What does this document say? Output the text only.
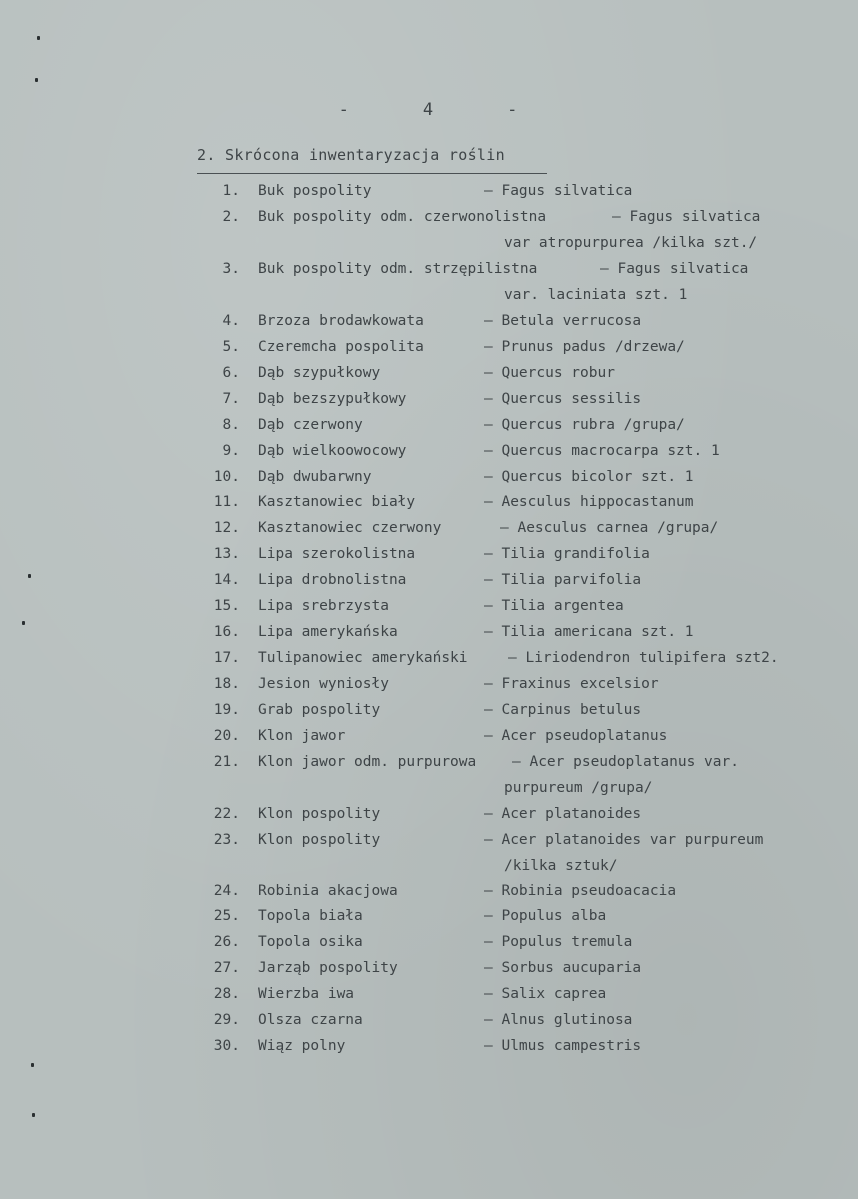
-	4	-
2. Skrócona inwentaryzacja roślin
1. Buk pospolity	– Fagus silvatica
2. Buk pospolity odm. czerwonolistna	– Fagus silvatica
var atropurpurea /kilka szt./
3. Buk pospolity odm. strzępilistna	– Fagus silvatica
var. laciniata szt. 1
4. Brzoza brodawkowata	– Betula verrucosa
5. Czeremcha pospolita	– Prunus padus /drzewa/
6. Dąb szypułkowy	– Quercus robur
7. Dąb bezszypułkowy	– Quercus sessilis
8. Dąb czerwony	– Quercus rubra /grupa/
9. Dąb wielkoowocowy	– Quercus macrocarpa szt. 1
10. Dąb dwubarwny	– Quercus bicolor szt. 1
11. Kasztanowiec biały	– Aesculus hippocastanum
12. Kasztanowiec czerwony	– Aesculus carnea /grupa/
13. Lipa szerokolistna	– Tilia grandifolia
14. Lipa drobnolistna	– Tilia parvifolia
15. Lipa srebrzysta	– Tilia argentea
16. Lipa amerykańska	– Tilia americana szt. 1
17. Tulipanowiec amerykański	– Liriodendron tulipifera szt2.
18. Jesion wyniosły	– Fraxinus excelsior
19. Grab pospolity	– Carpinus betulus
20. Klon jawor	– Acer pseudoplatanus
21. Klon jawor odm. purpurowa – Acer pseudoplatanus var.
purpureum /grupa/
22. Klon pospolity	– Acer platanoides
23. Klon pospolity	– Acer platanoides var purpureum
/kilka sztuk/
24. Robinia akacjowa	– Robinia pseudoacacia
25. Topola biała	– Populus alba
26. Topola osika	– Populus tremula
27. Jarząb pospolity	– Sorbus aucuparia
28. Wierzba iwa	– Salix caprea
29. Olsza czarna	– Alnus glutinosa
30. Wiąz polny	– Ulmus campestris
